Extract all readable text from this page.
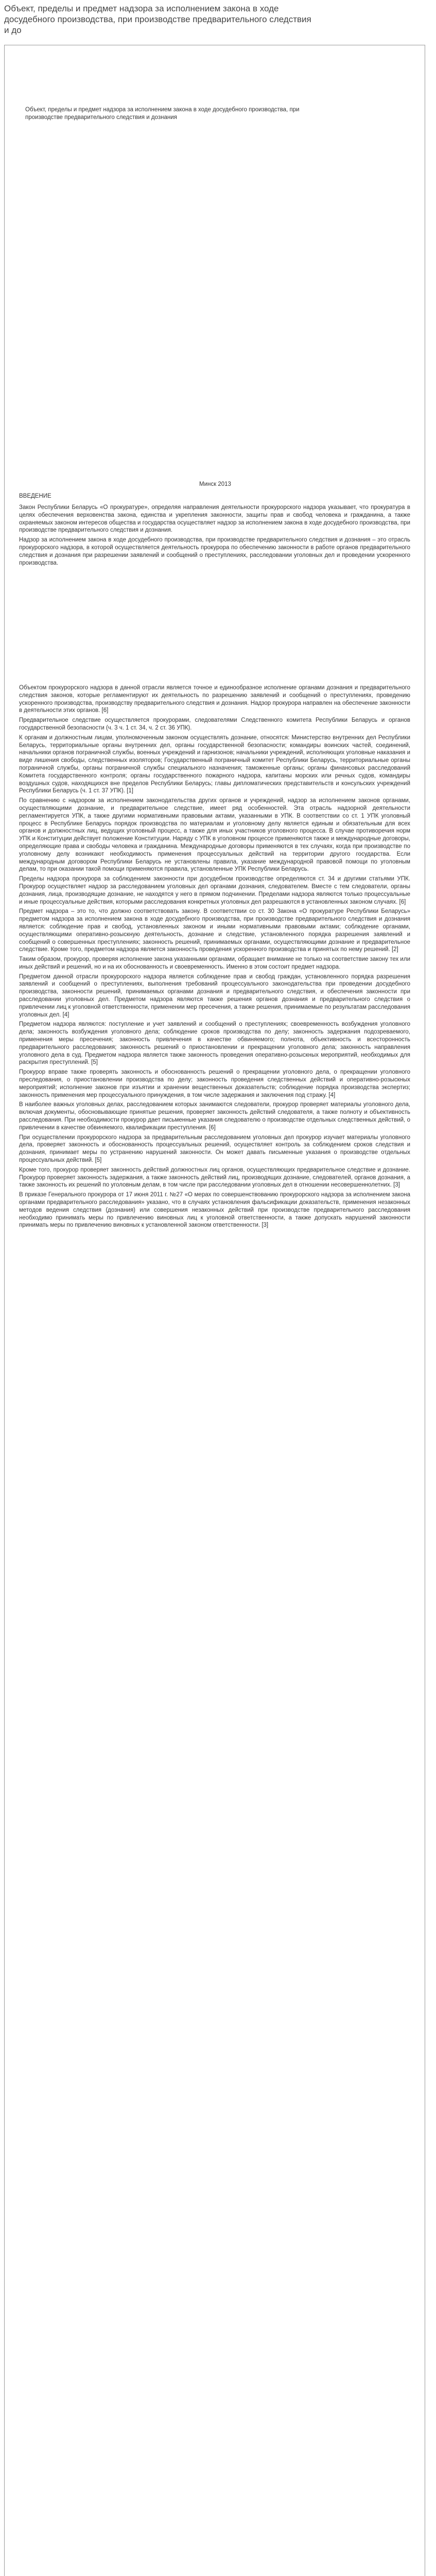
Объект, пределы и предмет надзора за исполнением закона в ходе досудебного производства, при производстве предварительного следствия и до
Объект, пределы и предмет надзора за исполнением закона в ходе досудебного производства, при производстве предварительного следствия и дознания
Минск 2013
ВВЕДЕНИЕ

Закон Республики Беларусь «О прокуратуре», определяя направления деятельности прокурорского надзора указывает, что прокуратура в целях обеспечения верховенства закона, единства и укрепления законности, защиты прав и свобод человека и гражданина, а также охраняемых законом интересов общества и государства осуществляет надзор за исполнением закона в ходе досудебного производства, при производстве предварительного следствия и дознания.

Надзор за исполнением закона в ходе досудебного производства, при производстве предварительного следствия и дознания – это отрасль прокурорского надзора, в которой осуществляется деятельность прокурора по обеспечению законности в работе органов предварительного следствия и дознания при разрешении заявлений и сообщений о преступлениях, расследовании уголовных дел и проведении ускоренного производства.

Объектом прокурорского надзора в данной отрасли является точное и единообразное исполнение органами дознания и предварительного следствия законов, которые регламентируют их деятельность по разрешению заявлений и сообщений о преступлениях, проведению ускоренного производства, производству предварительного следствия и дознания. Надзор прокурора направлен на обеспечение законности в деятельности этих органов. [6]

Предварительное следствие осуществляется прокурорами, следователями Следственного комитета Республики Беларусь и органов государственной безопасности (ч. 3 ч. 1 ст. 34, ч. 2 ст. 36 УПК).

К органам и должностным лицам, уполномоченным законом осуществлять дознание, относятся: Министерство внутренних дел Республики Беларусь, территориальные органы внутренних дел, органы государственной безопасности; командиры воинских частей, соединений, начальники органов пограничной службы, военных учреждений и гарнизонов; начальники учреждений, исполняющих уголовные наказания и виде лишения свободы, следственных изоляторов; Государственный пограничный комитет Республики Беларусь, территориальные органы пограничной службы, органы пограничной службы специального назначения; таможенные органы; органы финансовых расследований Комитета государственного контроля; органы государственного пожарного надзора, капитаны морских или речных судов, командиры воздушных судов, находящихся вне пределов Республики Беларусь; главы дипломатических представительств и консульских учреждений Республики Беларусь (ч. 1 ст. 37 УПК). [1]

По сравнению с надзором за исполнением законодательства других органов и учреждений, надзор за исполнением законов органами, осуществляющими дознание, и предварительное следствие, имеет ряд особенностей. Эта отрасль надзорной деятельности регламентируется УПК, а также другими нормативными правовыми актами, указанными в УПК. В соответствии со ст. 1 УПК уголовный процесс в Республике Беларусь порядок производства по материалам и уголовному делу является единым и обязательным для всех органов и должностных лиц, ведущих уголовный процесс, а также для иных участников уголовного процесса. В случае противоречия норм УПК и Конституции действует положение Конституции. Наряду с УПК в уголовном процессе применяются также и международные договоры, определяющие права и свободы человека и гражданина. Международные договоры применяются в тех случаях, когда при производстве по уголовному делу возникают необходимость применения процессуальных действий на территории другого государства. Если международным договором Республики Беларусь не установлены правила, указание международной правовой помощи по уголовным делам, то при оказании такой помощи применяются правила, установленные УПК Республики Беларусь.

Пределы надзора прокурора за соблюдением законности при досудебном производстве определяются ст. 34 и другими статьями УПК. Прокурор осуществляет надзор за расследованием уголовных дел органами дознания, следователем. Вместе с тем следователи, органы дознания, лица, производящие дознание, не находятся у него в прямом подчинении. Пределами надзора являются только процессуальные и иные процессуальные действия, которыми расследования конкретных уголовных дел разрешаются в установленных законом случаях. [6]

Предмет надзора – это то, что должно соответствовать закону. В соответствии со ст. 30 Закона «О прокуратуре Республики Беларусь» предметом надзора за исполнением закона в ходе досудебного производства, при производстве предварительного следствия и дознания является: соблюдение прав и свобод, установленных законом и иными нормативными правовыми актами; соблюдение органами, осуществляющими оперативно-розыскную деятельность, дознание и следствие, установленного порядка разрешения заявлений и сообщений о совершенных преступлениях; законность решений, принимаемых органами, осуществляющими дознание и предварительное следствие. Кроме того, предметом надзора является законность проведения ускоренного производства и принятых по нему решений. [2]

Таким образом, прокурор, проверяя исполнение закона указанными органами, обращает внимание не только на соответствие закону тех или иных действий и решений, но и на их обоснованность и своевременность. Именно в этом состоит предмет надзора.

Предметом данной отрасли прокурорского надзора является соблюдение прав и свобод граждан, установленного порядка разрешения заявлений и сообщений о преступлениях, выполнения требований процессуального законодательства при проведении досудебного производства, законности решений, принимаемых органами дознания и предварительного следствия, и обеспечения законности при расследовании уголовных дел. Предметом надзора являются также решения органов дознания и предварительного следствия о привлечении лиц к уголовной ответственности, применении мер пресечения, а также решения, принимаемые по результатам расследования уголовных дел. [4]

Предметом надзора являются: поступление и учет заявлений и сообщений о преступлениях; своевременность возбуждения уголовного дела; законность возбуждения уголовного дела; соблюдение сроков производства по делу; законность задержания подозреваемого, применения меры пресечения; законность привлечения в качестве обвиняемого; полнота, объективность и всесторонность предварительного расследования; законность решений о приостановлении и прекращении уголовного дела; законность направления уголовного дела в суд. Предметом надзора является также законность проведения оперативно-розыскных мероприятий, необходимых для раскрытия преступлений. [5]

Прокурор вправе также проверять законность и обоснованность решений о прекращении уголовного дела, о прекращении уголовного преследования, о приостановлении производства по делу; законность проведения следственных действий и оперативно-розыскных мероприятий; исполнение законов при изъятии и хранении вещественных доказательств; соблюдение порядка производства экспертиз; законность применения мер процессуального принуждения, в том числе задержания и заключения под стражу. [4]

В наиболее важных уголовных делах, расследованием которых занимаются следователи, прокурор проверяет материалы уголовного дела, включая документы, обосновывающие принятые решения, проверяет законность действий следователя, а также полноту и объективность расследования. При необходимости прокурор дает письменные указания следователю о производстве отдельных следственных действий, о привлечении в качестве обвиняемого, квалификации преступления. [6]

При осуществлении прокурорского надзора за предварительным расследованием уголовных дел прокурор изучает материалы уголовного дела, проверяет законность и обоснованность процессуальных решений, осуществляет контроль за соблюдением сроков следствия и дознания, принимает меры по устранению нарушений законности. Он может давать письменные указания о производстве отдельных процессуальных действий. [5]

Кроме того, прокурор проверяет законность действий должностных лиц органов, осуществляющих предварительное следствие и дознание. Прокурор проверяет законность задержания, а также законность действий лиц, производящих дознание, следователей, органов дознания, а также законность их решений по уголовным делам, в том числе при расследовании уголовных дел в отношении несовершеннолетних. [3]

В приказе Генерального прокурора от 17 июня 2011 г. №27 «О мерах по совершенствованию прокурорского надзора за исполнением закона органами предварительного расследования» указано, что в случаях установления фальсификации доказательств, применения незаконных методов ведения следствия (дознания) или совершения незаконных действий при производстве предварительного расследования необходимо принимать меры по привлечению виновных лиц к уголовной ответственности, а также допускать нарушений законности принимать меры по привлечению виновных к установленной законом ответственности. [3]
